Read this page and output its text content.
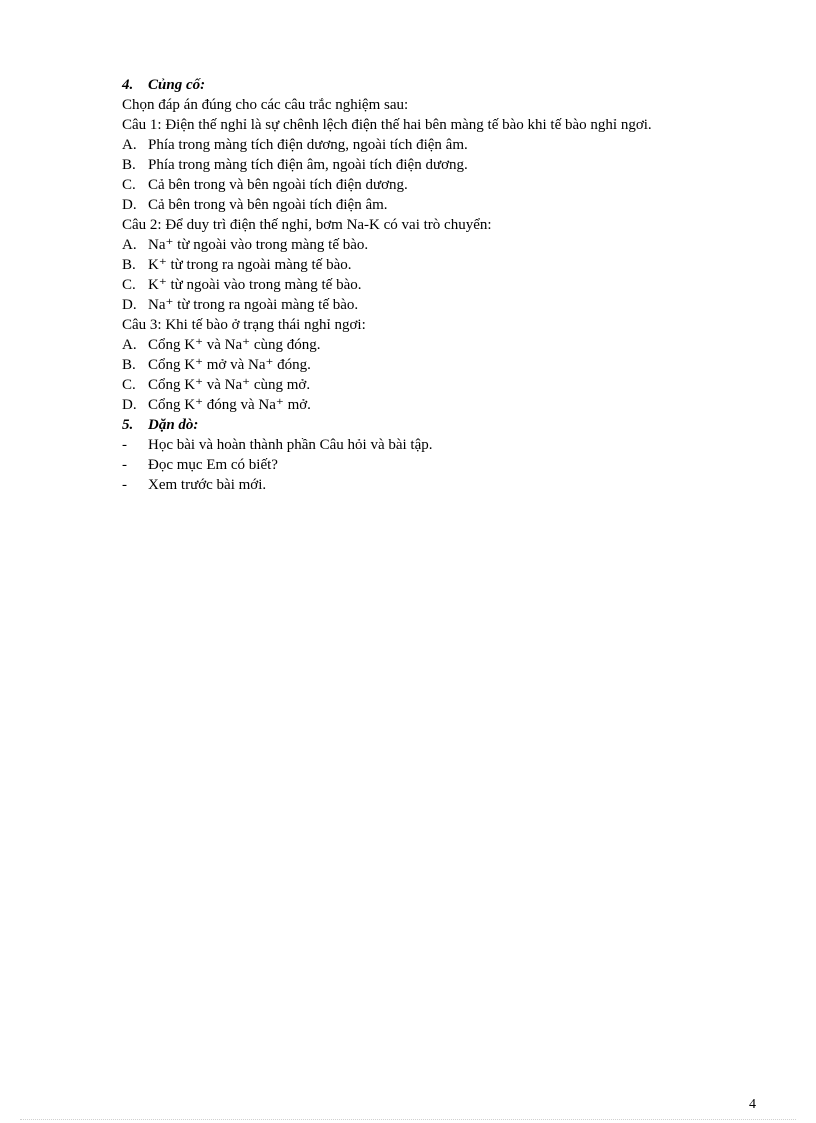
4. Củng cố:
Chọn đáp án đúng cho các câu trắc nghiệm sau:
Câu 1: Điện thế nghỉ là sự chênh lệch điện thế hai bên màng tế bào khi tế bào nghỉ ngơi.
A. Phía trong màng tích điện dương, ngoài tích điện âm.
B. Phía trong màng tích điện âm, ngoài tích điện dương.
C. Cả bên trong và bên ngoài tích điện dương.
D. Cả bên trong và bên ngoài tích điện âm.
Câu 2: Để duy trì điện thế nghỉ, bơm Na-K có vai trò chuyển:
A. Na⁺ từ ngoài vào trong màng tế bào.
B. K⁺ từ trong ra ngoài màng tế bào.
C. K⁺ từ ngoài vào trong màng tế bào.
D. Na⁺ từ trong ra ngoài màng tế bào.
Câu 3: Khi tế bào ở trạng thái nghỉ ngơi:
A. Cổng K⁺ và Na⁺ cùng đóng.
B. Cổng K⁺ mở và Na⁺ đóng.
C. Cổng K⁺ và Na⁺ cùng mở.
D. Cổng K⁺ đóng và Na⁺ mở.
5. Dặn dò:
-	Học bài và hoàn thành phần Câu hỏi và bài tập.
-	Đọc mục Em có biết?
-	Xem trước bài mới.
4
